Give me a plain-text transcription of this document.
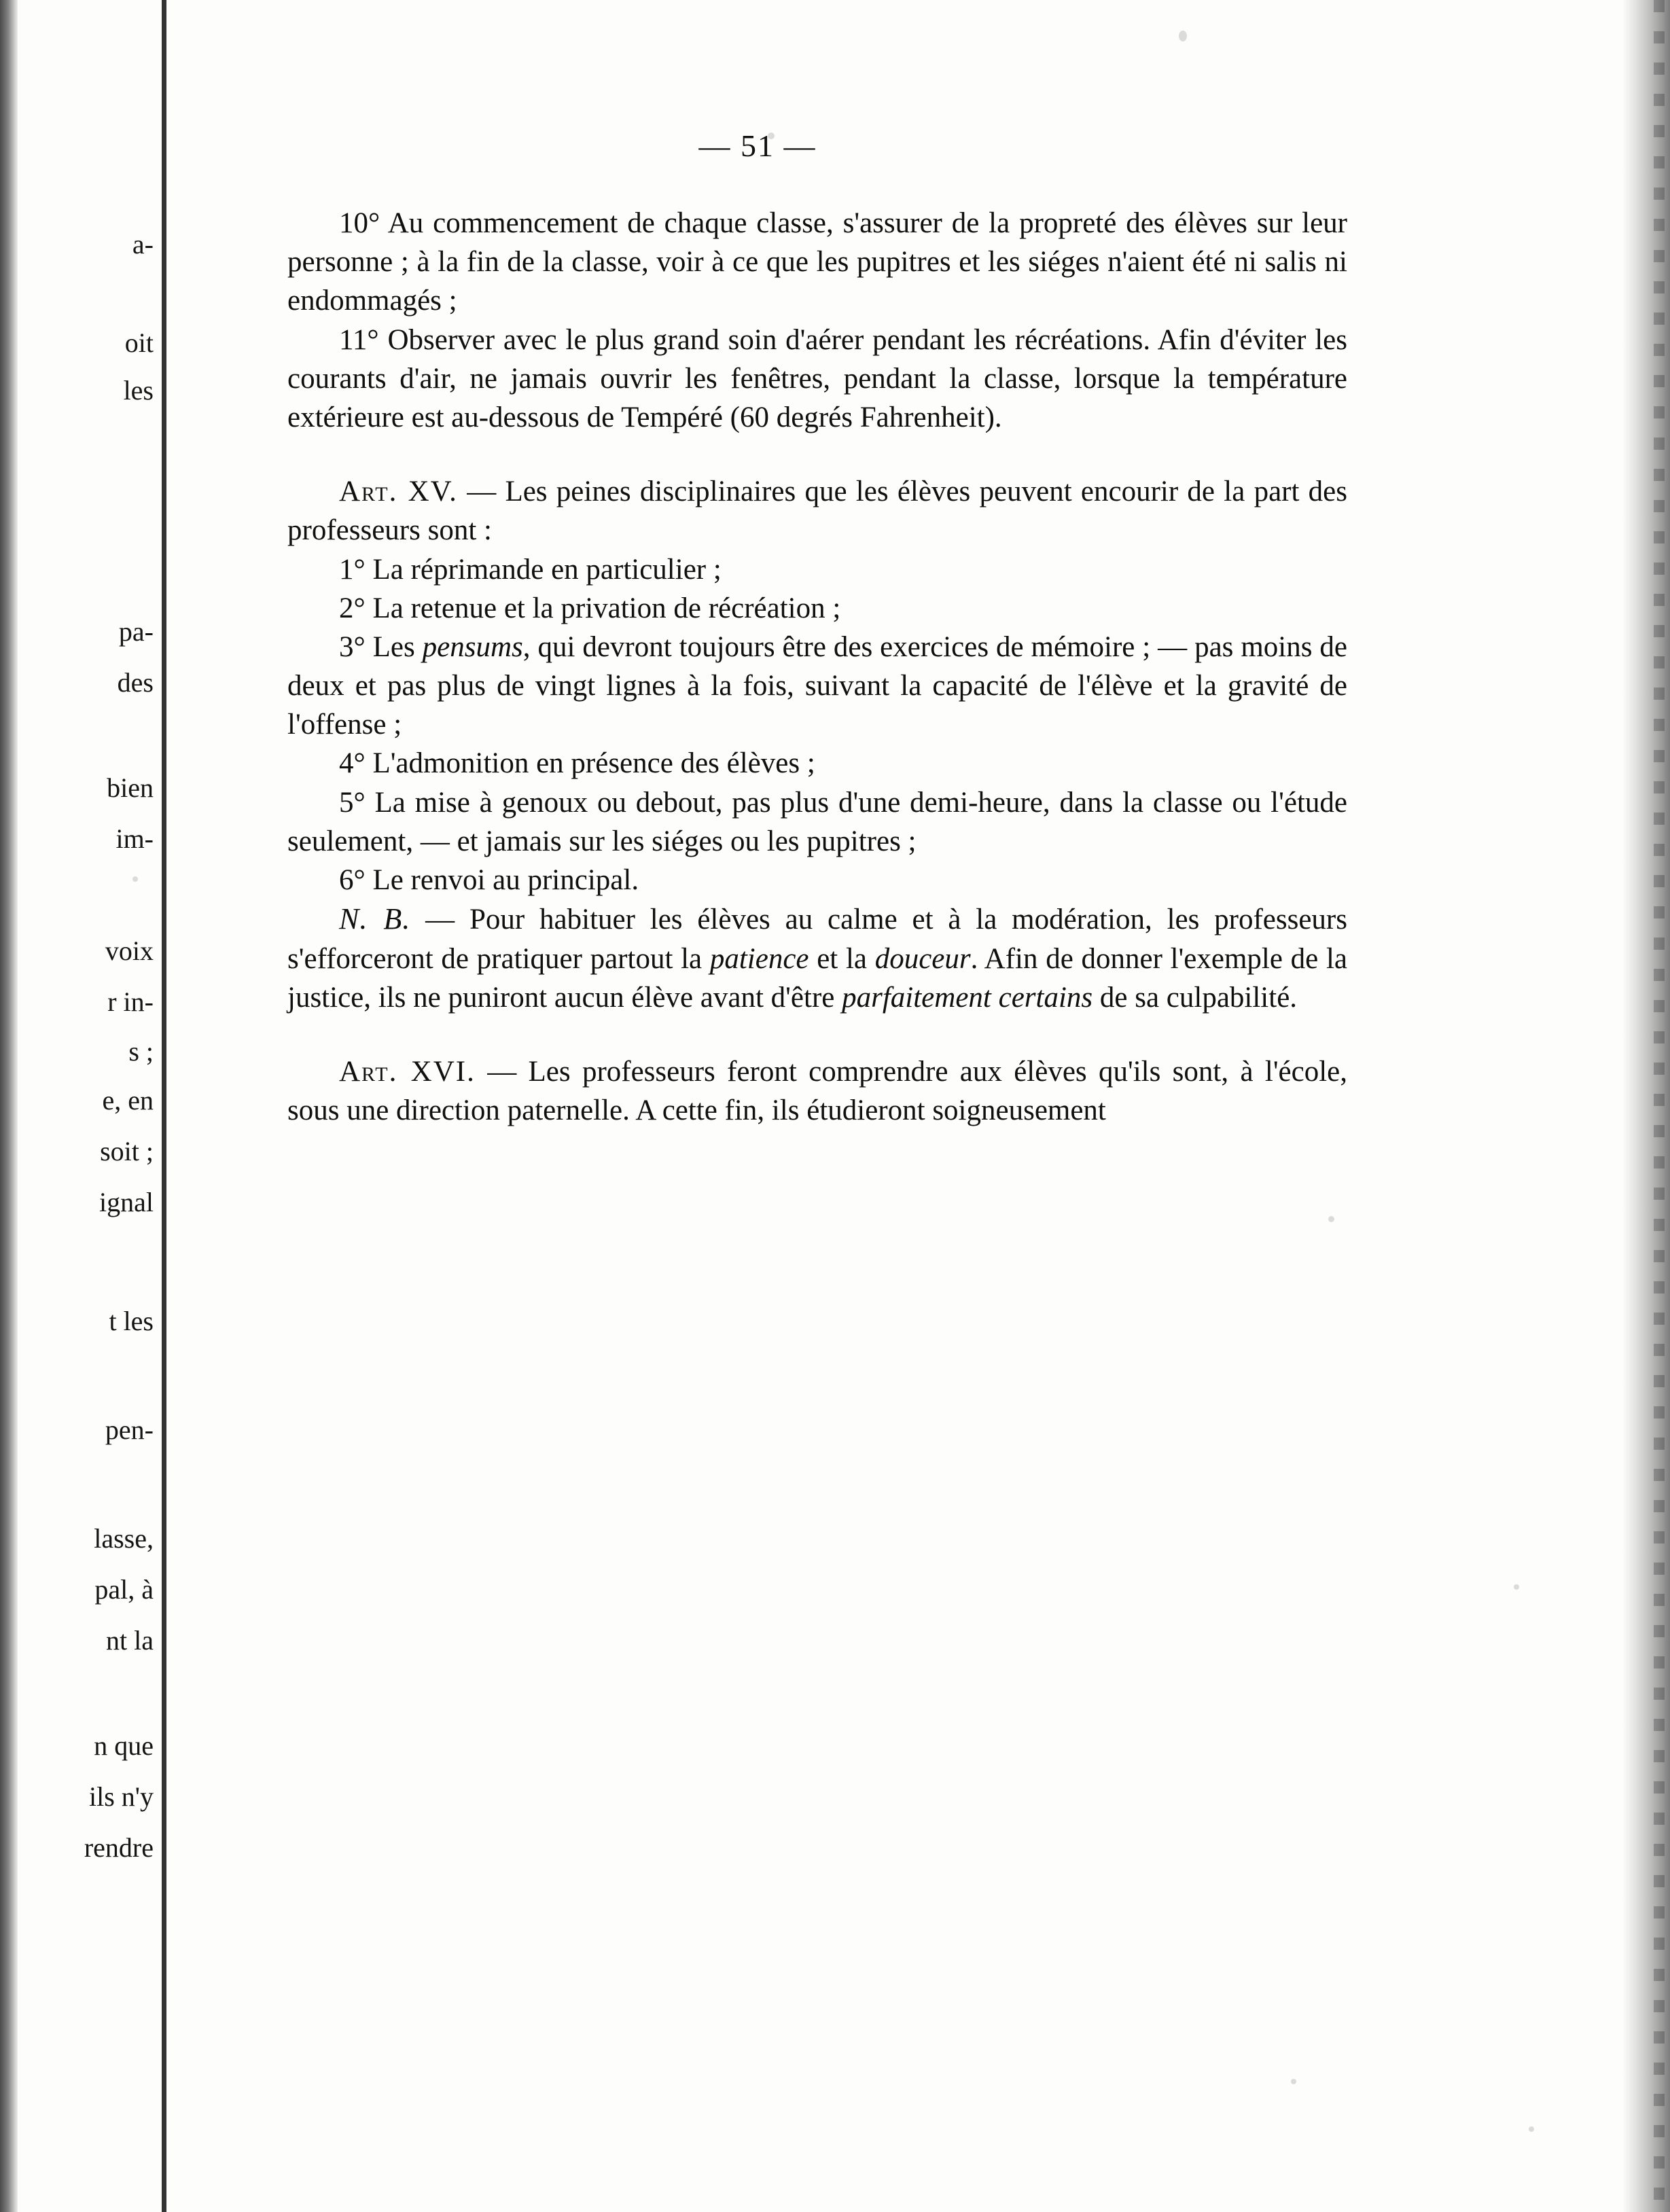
a-
oit
les
pa-
des
bien
im-
voix
r in-
s ;
e, en
soit ;
ignal
t les
pen-
lasse,
pal, à
nt la
n que
ils n'y
rendre
— 51 —

10° Au commencement de chaque classe, s'assurer de la propreté des élèves sur leur personne ; à la fin de la classe, voir à ce que les pupitres et les siéges n'aient été ni salis ni endommagés ;

11° Observer avec le plus grand soin d'aérer pendant les récréations. Afin d'éviter les courants d'air, ne jamais ouvrir les fenêtres, pendant la classe, lorsque la température extérieure est au-dessous de Tempéré (60 degrés Fahrenheit).

Art. XV. — Les peines disciplinaires que les élèves peuvent encourir de la part des professeurs sont :

1° La réprimande en particulier ;

2° La retenue et la privation de récréation ;

3° Les pensums, qui devront toujours être des exercices de mémoire ; — pas moins de deux et pas plus de vingt lignes à la fois, suivant la capacité de l'élève et la gravité de l'offense ;

4° L'admonition en présence des élèves ;

5° La mise à genoux ou debout, pas plus d'une demi-heure, dans la classe ou l'étude seulement, — et jamais sur les siéges ou les pupitres ;

6° Le renvoi au principal.

N. B. — Pour habituer les élèves au calme et à la modération, les professeurs s'efforceront de pratiquer partout la patience et la douceur. Afin de donner l'exemple de la justice, ils ne puniront aucun élève avant d'être parfaitement certains de sa culpabilité.

Art. XVI. — Les professeurs feront comprendre aux élèves qu'ils sont, à l'école, sous une direction paternelle. A cette fin, ils étudieront soigneusement
